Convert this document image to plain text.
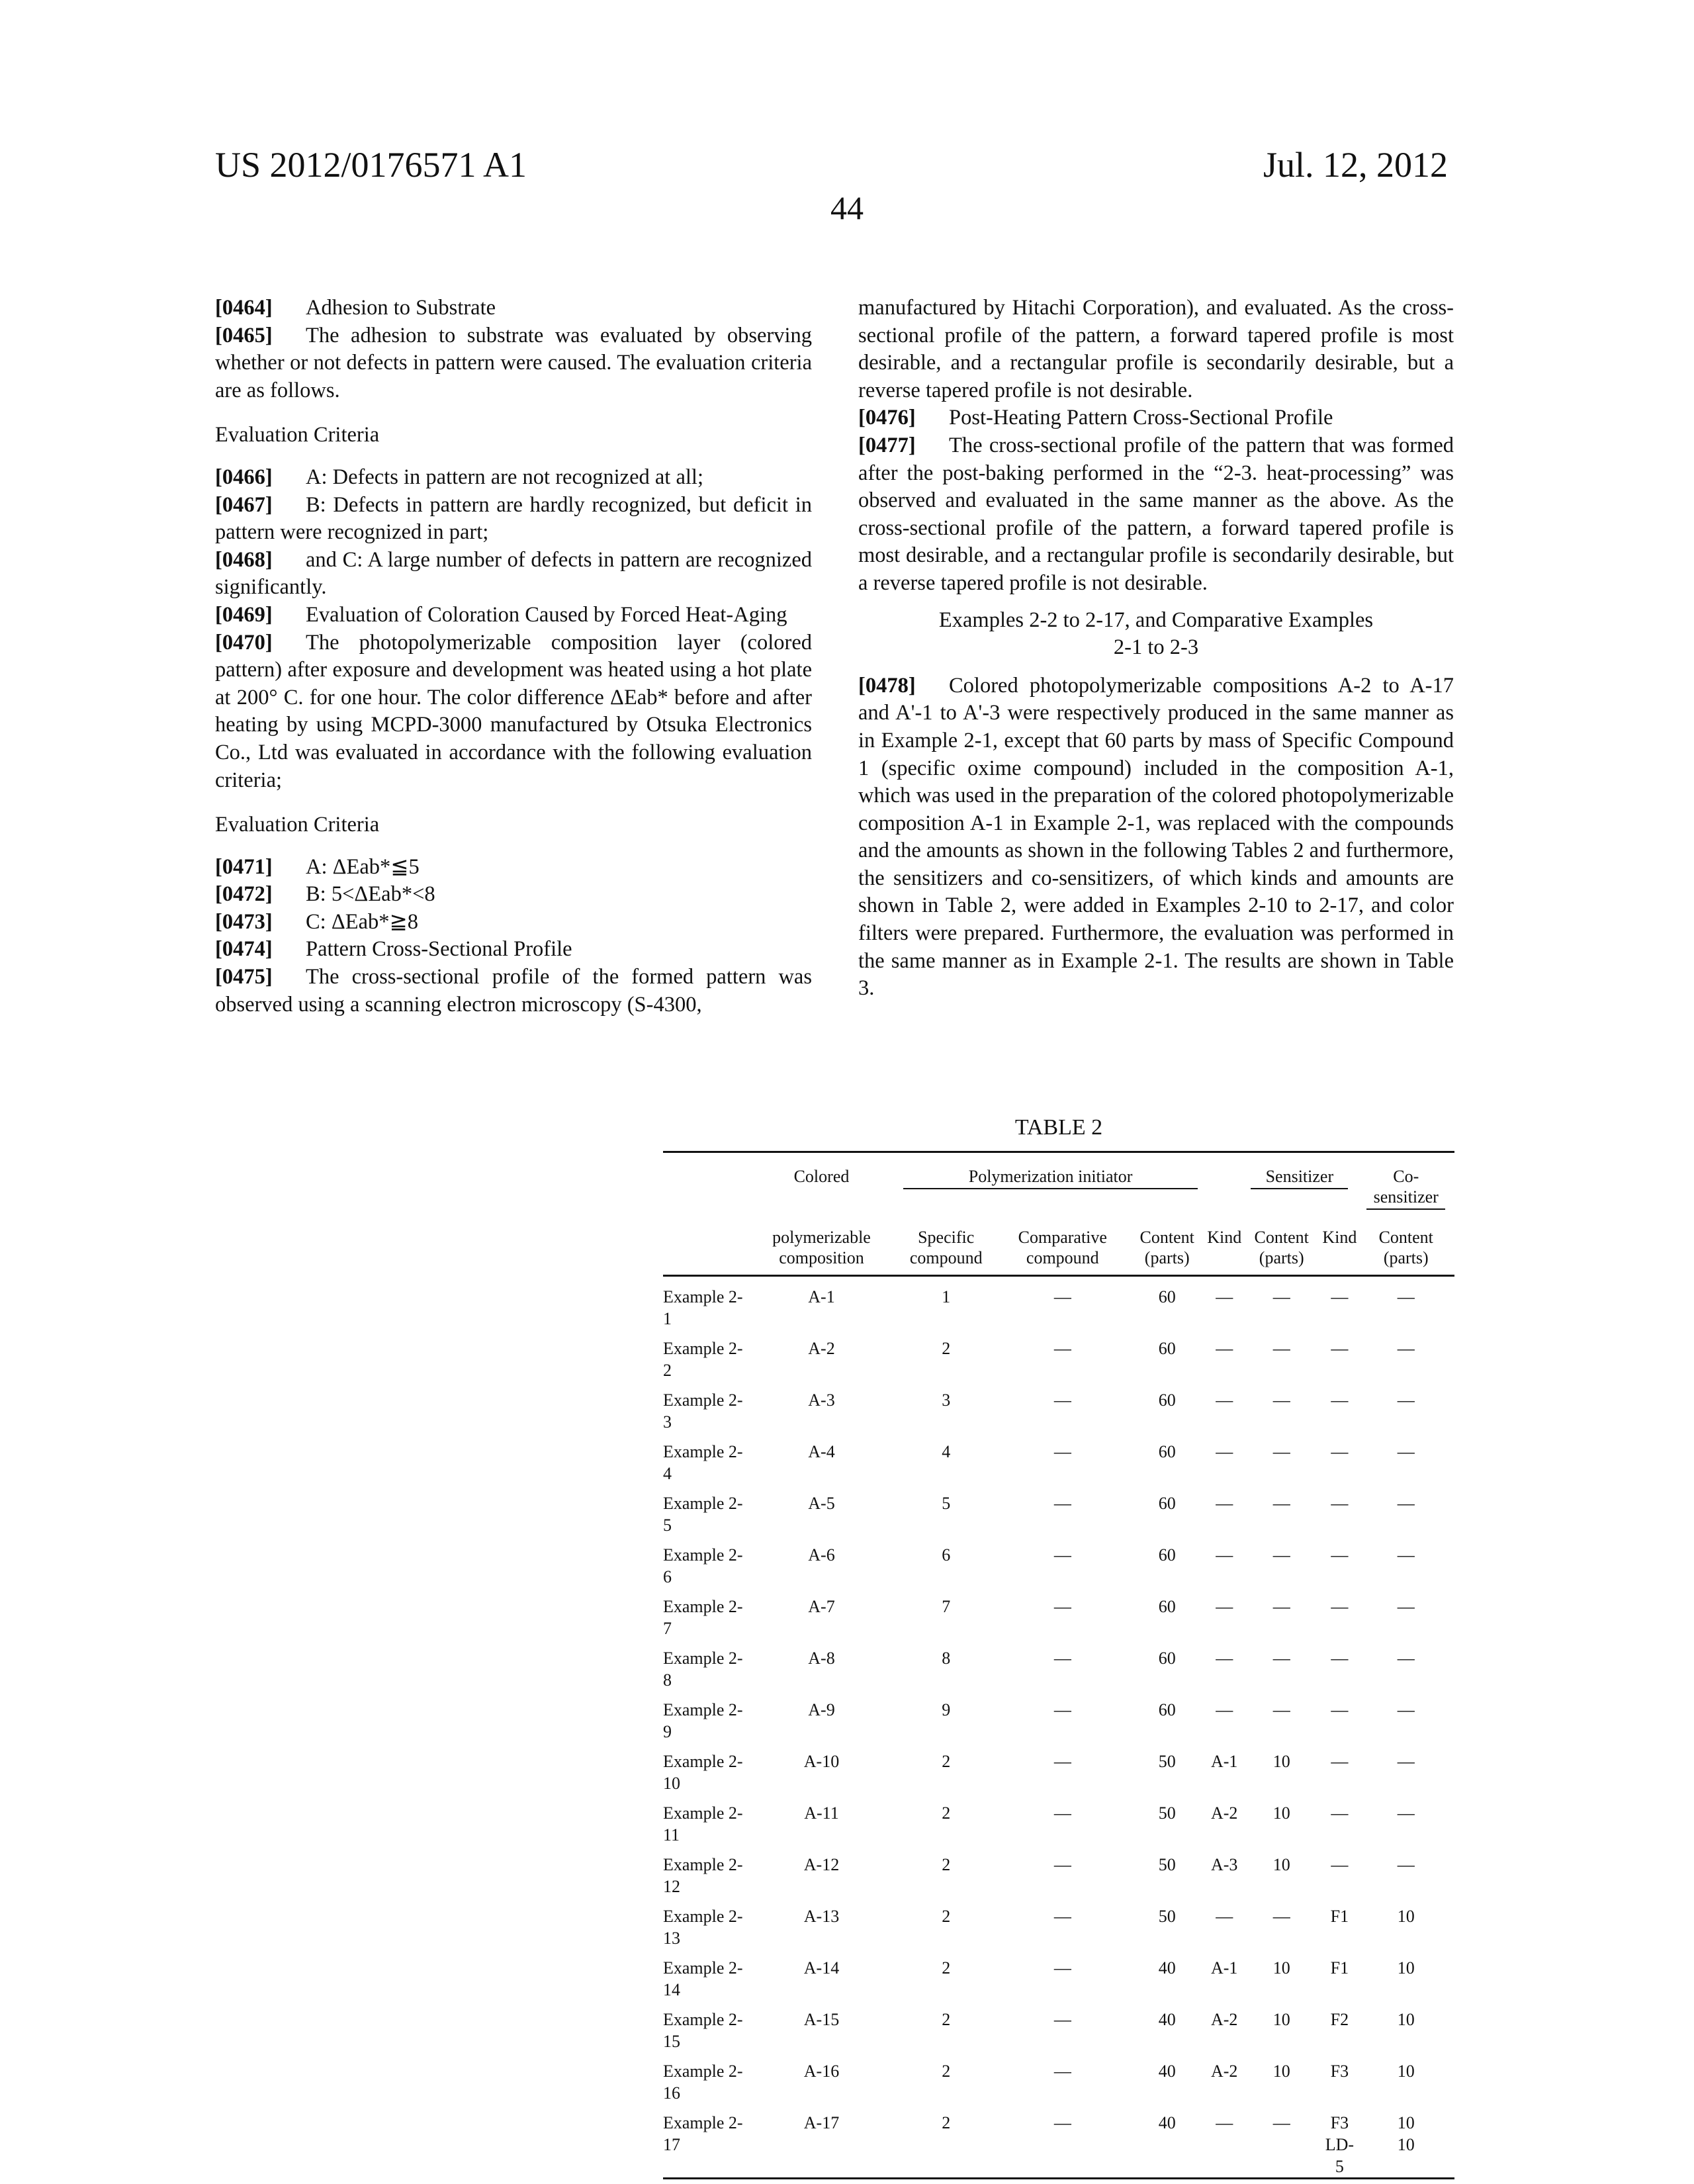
US 2012/0176571 A1	Jul. 12, 2012
44

[0464] Adhesion to Substrate

[0465] The adhesion to substrate was evaluated by observing whether or not defects in pattern were caused. The evaluation criteria are as follows.

Evaluation Criteria

[0466] A: Defects in pattern are not recognized at all;

[0467] B: Defects in pattern are hardly recognized, but deficit in pattern were recognized in part;

[0468] and C: A large number of defects in pattern are recognized significantly.

[0469] Evaluation of Coloration Caused by Forced Heat-Aging

[0470] The photopolymerizable composition layer (colored pattern) after exposure and development was heated using a hot plate at 200° C. for one hour. The color difference ΔEab* before and after heating by using MCPD-3000 manufactured by Otsuka Electronics Co., Ltd was evaluated in accordance with the following evaluation criteria;

Evaluation Criteria

[0471] A: ΔEab*≦5

[0472] B: 5<ΔEab*<8

[0473] C: ΔEab*≧8

[0474] Pattern Cross-Sectional Profile

[0475] The cross-sectional profile of the formed pattern was observed using a scanning electron microscopy (S-4300,

manufactured by Hitachi Corporation), and evaluated. As the cross-sectional profile of the pattern, a forward tapered profile is most desirable, and a rectangular profile is secondarily desirable, but a reverse tapered profile is not desirable.

[0476] Post-Heating Pattern Cross-Sectional Profile

[0477] The cross-sectional profile of the pattern that was formed after the post-baking performed in the “2-3. heat-processing” was observed and evaluated in the same manner as the above. As the cross-sectional profile of the pattern, a forward tapered profile is most desirable, and a rectangular profile is secondarily desirable, but a reverse tapered profile is not desirable.

Examples 2-2 to 2-17, and Comparative Examples
2-1 to 2-3

[0478] Colored photopolymerizable compositions A-2 to A-17 and A'-1 to A'-3 were respectively produced in the same manner as in Example 2-1, except that 60 parts by mass of Specific Compound 1 (specific oxime compound) included in the composition A-1, which was used in the preparation of the colored photopolymerizable composition A-1 in Example 2-1, was replaced with the compounds and the amounts as shown in the following Tables 2 and furthermore, the sensitizers and co-sensitizers, of which kinds and amounts are shown in Table 2, were added in Examples 2-10 to 2-17, and color filters were prepared. Furthermore, the evaluation was performed in the same manner as in Example 2-1. The results are shown in Table 3.

TABLE 2
	Colored	Polymerization initiator		Sensitizer	Co-sensitizer

	polymerizable composition	Specific compound	Comparative compound	Content (parts)	Kind	Content (parts)	Kind	Content (parts)
Example 2-1	A-1	1	—	60	—	—	—	—
Example 2-2	A-2	2	—	60	—	—	—	—
Example 2-3	A-3	3	—	60	—	—	—	—
Example 2-4	A-4	4	—	60	—	—	—	—
Example 2-5	A-5	5	—	60	—	—	—	—
Example 2-6	A-6	6	—	60	—	—	—	—
Example 2-7	A-7	7	—	60	—	—	—	—
Example 2-8	A-8	8	—	60	—	—	—	—
Example 2-9	A-9	9	—	60	—	—	—	—
Example 2-10	A-10	2	—	50	A-1	10	—	—
Example 2-11	A-11	2	—	50	A-2	10	—	—
Example 2-12	A-12	2	—	50	A-3	10	—	—
Example 2-13	A-13	2	—	50	—	—	F1	10
Example 2-14	A-14	2	—	40	A-1	10	F1	10
Example 2-15	A-15	2	—	40	A-2	10	F2	10
Example 2-16	A-16	2	—	40	A-2	10	F3	10
Example 2-17	A-17	2	—	40	—	—	F3
LD-5	10
10
